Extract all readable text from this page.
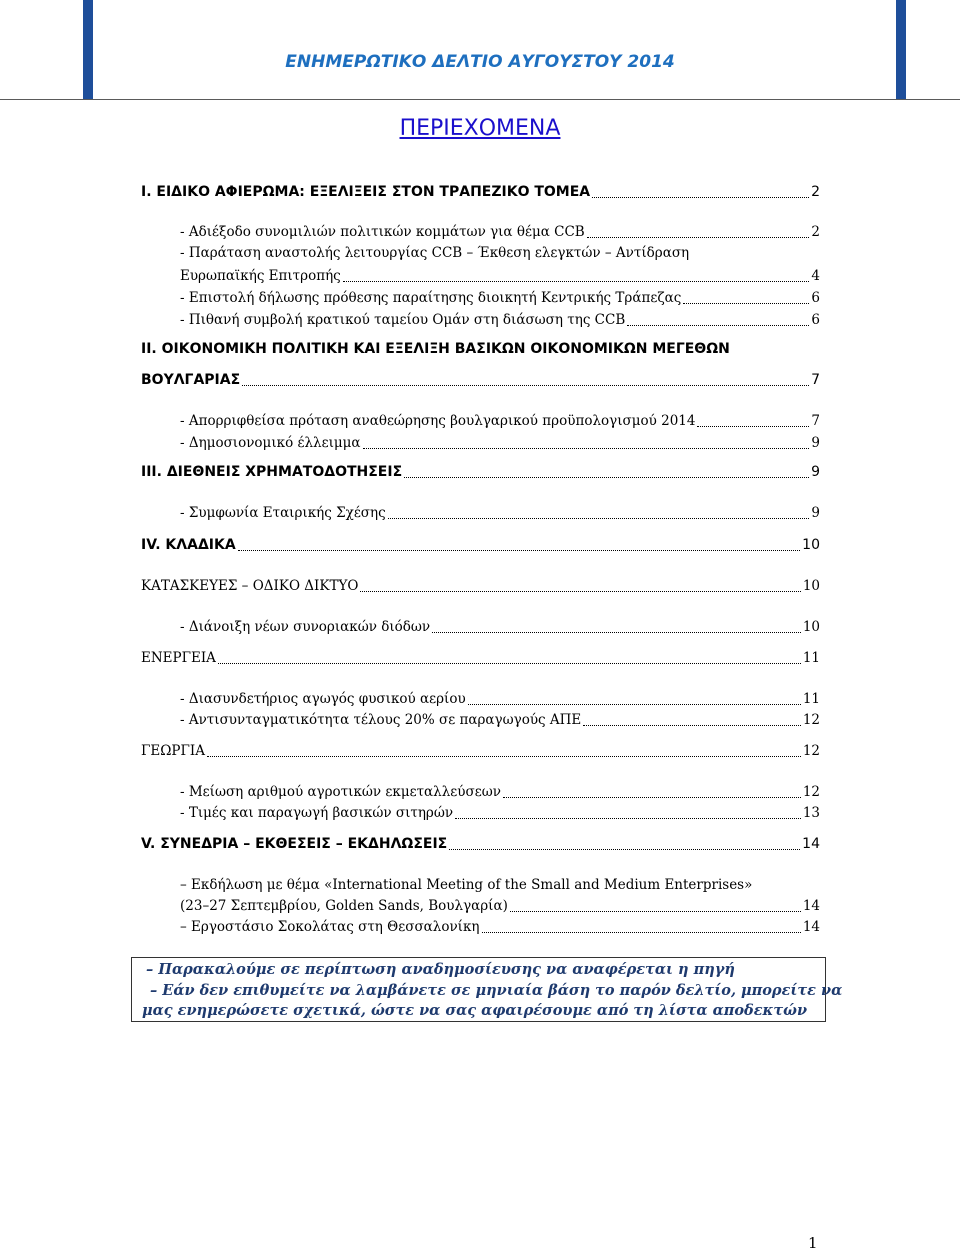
ΕΝΗΜΕΡΩΤΙΚΟ ΔΕΛΤΙΟ ΑΥΓΟΥΣΤΟΥ 2014
ΠΕΡΙΕΧΟΜΕΝΑ
I. ΕΙΔΙΚΟ ΑΦΙΕΡΩΜΑ: ΕΞΕΛΙΞΕΙΣ ΣΤΟΝ ΤΡΑΠΕΖΙΚΟ ΤΟΜΕΑ	2
- Αδιέξοδο συνομιλιών πολιτικών κομμάτων για θέμα CCB	2
- Παράταση αναστολής λειτουργίας CCB – Έκθεση ελεγκτών – Αντίδραση
Ευρωπαϊκής Επιτροπής	4
- Επιστολή δήλωσης πρόθεσης παραίτησης διοικητή Κεντρικής Τράπεζας	6
- Πιθανή συμβολή κρατικού ταμείου Ομάν στη διάσωση της CCB	6
II. ΟΙΚΟΝΟΜΙΚΗ ΠΟΛΙΤΙΚΗ ΚΑΙ ΕΞΕΛΙΞΗ ΒΑΣΙΚΩΝ ΟΙΚΟΝΟΜΙΚΩΝ ΜΕΓΕΘΩΝ
ΒΟΥΛΓΑΡΙΑΣ	7
- Απορριφθείσα πρόταση αναθεώρησης βουλγαρικού προϋπολογισμού 2014	7
- Δημοσιονομικό έλλειμμα	9
III. ΔΙΕΘΝΕΙΣ ΧΡΗΜΑΤΟΔΟΤΗΣΕΙΣ	9
- Συμφωνία Εταιρικής Σχέσης	9
IV. ΚΛΑΔΙΚΑ	10
ΚΑΤΑΣΚΕΥΕΣ – ΟΔΙΚΟ ΔΙΚΤΥΟ	10
- Διάνοιξη νέων συνοριακών διόδων	10
ΕΝΕΡΓΕΙΑ	11
- Διασυνδετήριος αγωγός φυσικού αερίου	11
- Αντισυνταγματικότητα τέλους 20% σε παραγωγούς ΑΠΕ	12
ΓΕΩΡΓΙΑ	12
- Μείωση αριθμού αγροτικών εκμεταλλεύσεων	12
- Τιμές και παραγωγή βασικών σιτηρών	13
V. ΣΥΝΕΔΡΙΑ – ΕΚΘΕΣΕΙΣ – ΕΚΔΗΛΩΣΕΙΣ	14
– Εκδήλωση με θέμα «International Meeting of the Small and Medium Enterprises»
(23–27 Σεπτεμβρίου, Golden Sands, Βουλγαρία)	14
– Εργοστάσιο Σοκολάτας στη Θεσσαλονίκη	14
– Παρακαλούμε σε περίπτωση αναδημοσίευσης να αναφέρεται η πηγή
– Εάν δεν επιθυμείτε να λαμβάνετε σε μηνιαία βάση το παρόν δελτίο, μπορείτε να
μας ενημερώσετε σχετικά, ώστε να σας αφαιρέσουμε από τη λίστα αποδεκτών
1
